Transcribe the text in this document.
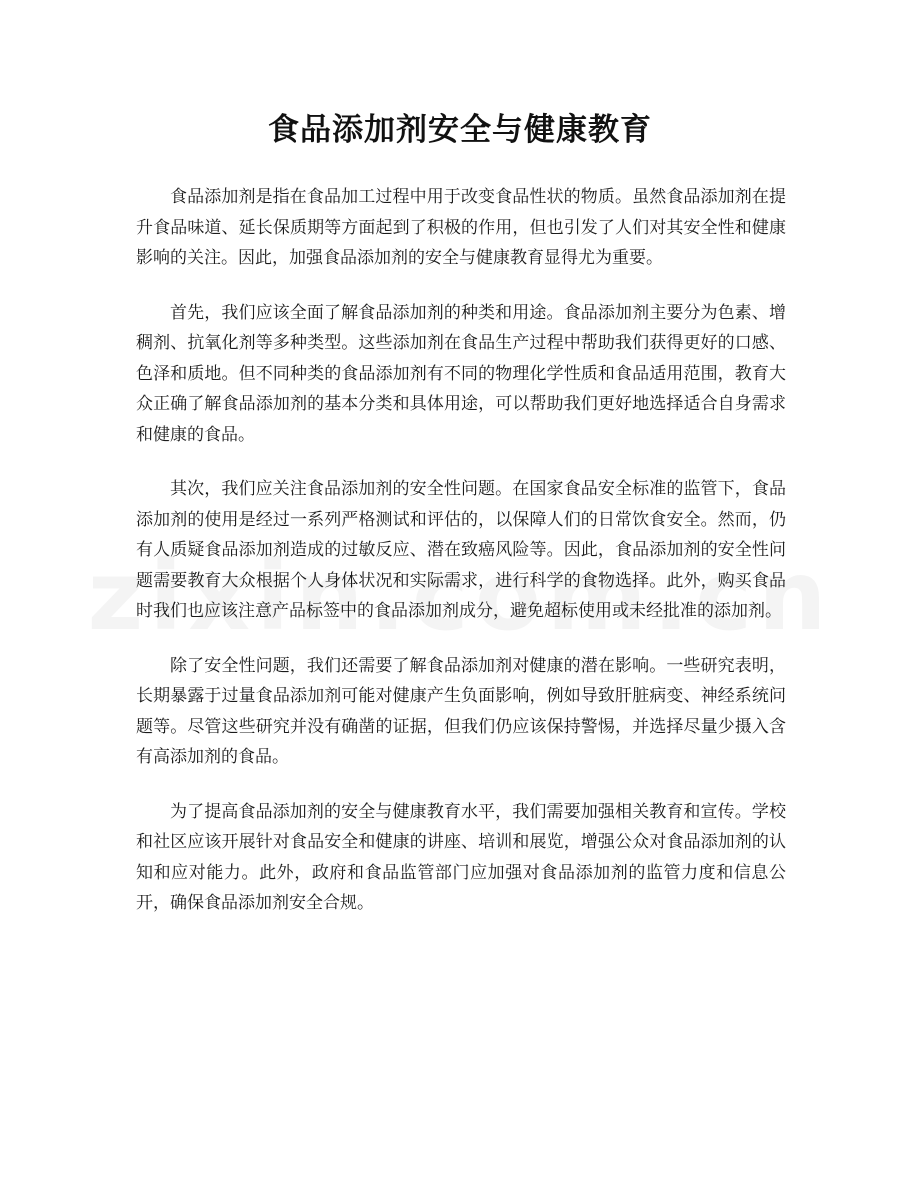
食品添加剂安全与健康教育

食品添加剂是指在食品加工过程中用于改变食品性状的物质。虽然食品添加剂在提升食品味道、延长保质期等方面起到了积极的作用，但也引发了人们对其安全性和健康影响的关注。因此，加强食品添加剂的安全与健康教育显得尤为重要。

首先，我们应该全面了解食品添加剂的种类和用途。食品添加剂主要分为色素、增稠剂、抗氧化剂等多种类型。这些添加剂在食品生产过程中帮助我们获得更好的口感、色泽和质地。但不同种类的食品添加剂有不同的物理化学性质和食品适用范围，教育大众正确了解食品添加剂的基本分类和具体用途，可以帮助我们更好地选择适合自身需求和健康的食品。

其次，我们应关注食品添加剂的安全性问题。在国家食品安全标准的监管下，食品添加剂的使用是经过一系列严格测试和评估的，以保障人们的日常饮食安全。然而，仍有人质疑食品添加剂造成的过敏反应、潜在致癌风险等。因此，食品添加剂的安全性问题需要教育大众根据个人身体状况和实际需求，进行科学的食物选择。此外，购买食品时我们也应该注意产品标签中的食品添加剂成分，避免超标使用或未经批准的添加剂。

除了安全性问题，我们还需要了解食品添加剂对健康的潜在影响。一些研究表明，长期暴露于过量食品添加剂可能对健康产生负面影响，例如导致肝脏病变、神经系统问题等。尽管这些研究并没有确凿的证据，但我们仍应该保持警惕，并选择尽量少摄入含有高添加剂的食品。

为了提高食品添加剂的安全与健康教育水平，我们需要加强相关教育和宣传。学校和社区应该开展针对食品安全和健康的讲座、培训和展览，增强公众对食品添加剂的认知和应对能力。此外，政府和食品监管部门应加强对食品添加剂的监管力度和信息公开，确保食品添加剂安全合规。
